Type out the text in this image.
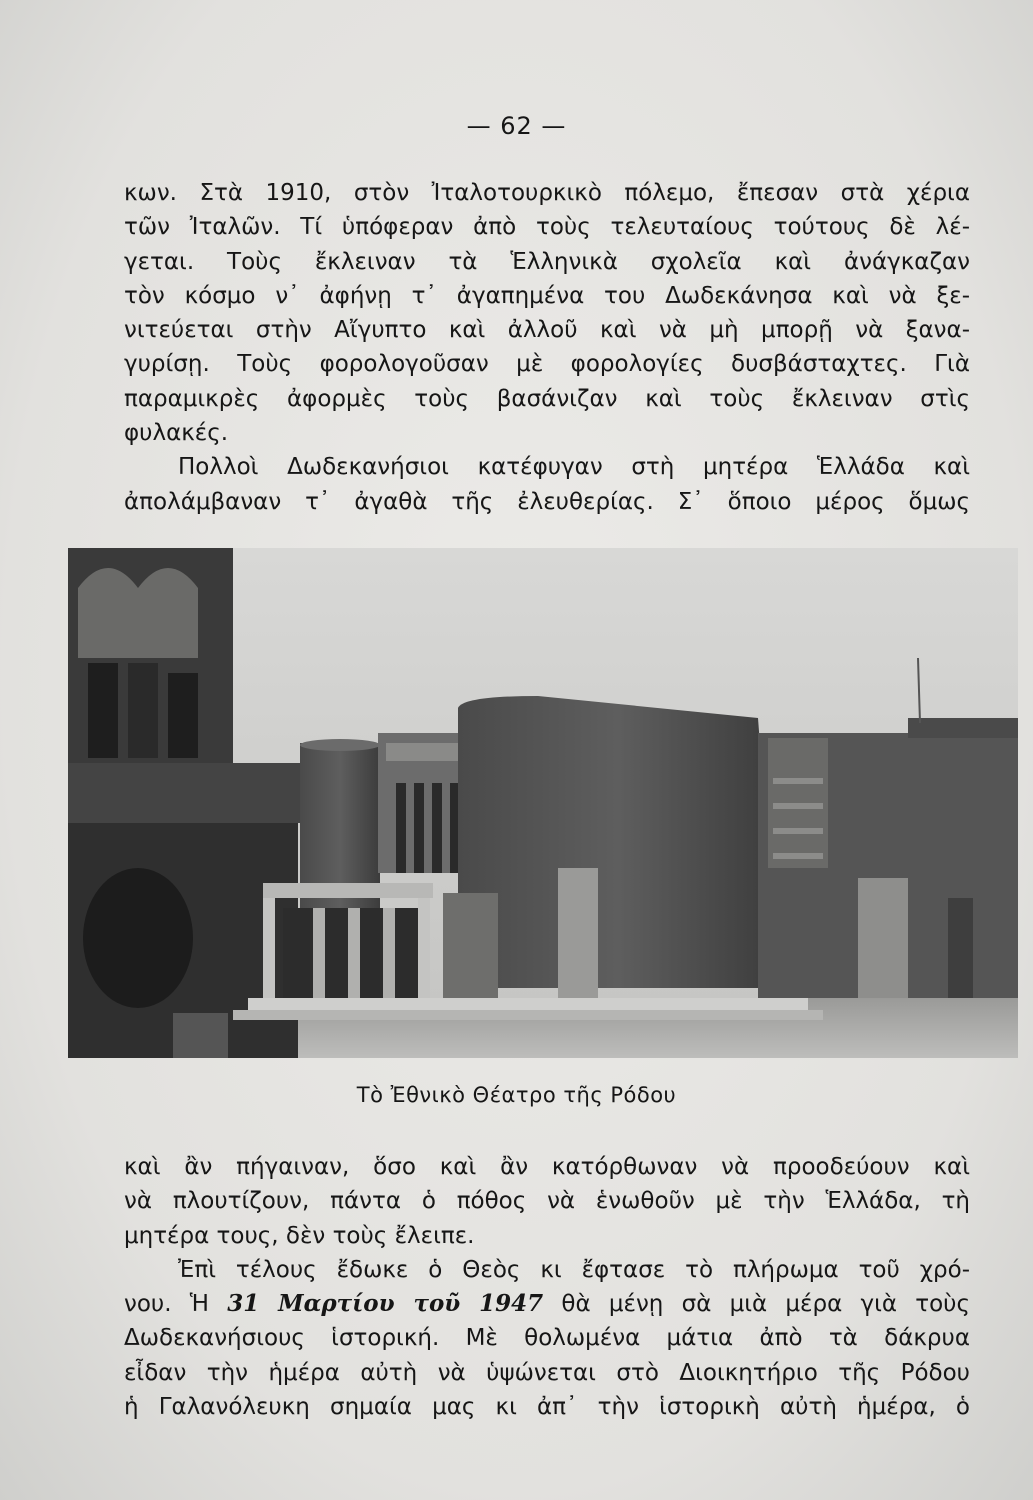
— 62 —

κων. Στὰ 1910, στὸν Ἰταλοτουρκικὸ πόλεμο, ἔπεσαν στὰ χέρια
τῶν Ἰταλῶν. Τί ὑπόφεραν ἀπὸ τοὺς τελευταίους τούτους δὲ λέ-
γεται. Τοὺς ἔκλειναν τὰ Ἑλληνικὰ σχολεῖα καὶ ἀνάγκαζαν
τὸν κόσμο ν᾽ ἀφήνῃ τ᾽ ἀγαπημένα του Δωδεκάνησα καὶ νὰ ξε-
νιτεύεται στὴν Αἴγυπτο καὶ ἀλλοῦ καὶ νὰ μὴ μπορῇ νὰ ξανα-
γυρίσῃ. Τοὺς φορολογοῦσαν μὲ φορολογίες δυσβάσταχτες. Γιὰ
παραμικρὲς ἀφορμὲς τοὺς βασάνιζαν καὶ τοὺς ἔκλειναν στὶς
φυλακές.

Πολλοὶ Δωδεκανήσιοι κατέφυγαν στὴ μητέρα Ἑλλάδα καὶ
ἀπολάμβαναν τ᾽ ἀγαθὰ τῆς ἐλευθερίας. Σ᾽ ὅποιο μέρος ὅμως

Τὸ Ἐθνικὸ Θέατρο τῆς Ρόδου

καὶ ἂν πήγαιναν, ὅσο καὶ ἂν κατόρθωναν νὰ προοδεύουν καὶ
νὰ πλουτίζουν, πάντα ὁ πόθος νὰ ἑνωθοῦν μὲ τὴν Ἑλλάδα, τὴ
μητέρα τους, δὲν τοὺς ἔλειπε.

Ἐπὶ τέλους ἔδωκε ὁ Θεὸς κι ἔφτασε τὸ πλήρωμα τοῦ χρό-
νου. Ἡ 31 Μαρτίου τοῦ 1947 θὰ μένῃ σὰ μιὰ μέρα γιὰ τοὺς
Δωδεκανήσιους ἱστορική. Μὲ θολωμένα μάτια ἀπὸ τὰ δάκρυα
εἶδαν τὴν ἡμέρα αὐτὴ νὰ ὑψώνεται στὸ Διοικητήριο τῆς Ρόδου
ἡ Γαλανόλευκη σημαία μας κι ἀπ᾽ τὴν ἱστορικὴ αὐτὴ ἡμέρα, ὁ
